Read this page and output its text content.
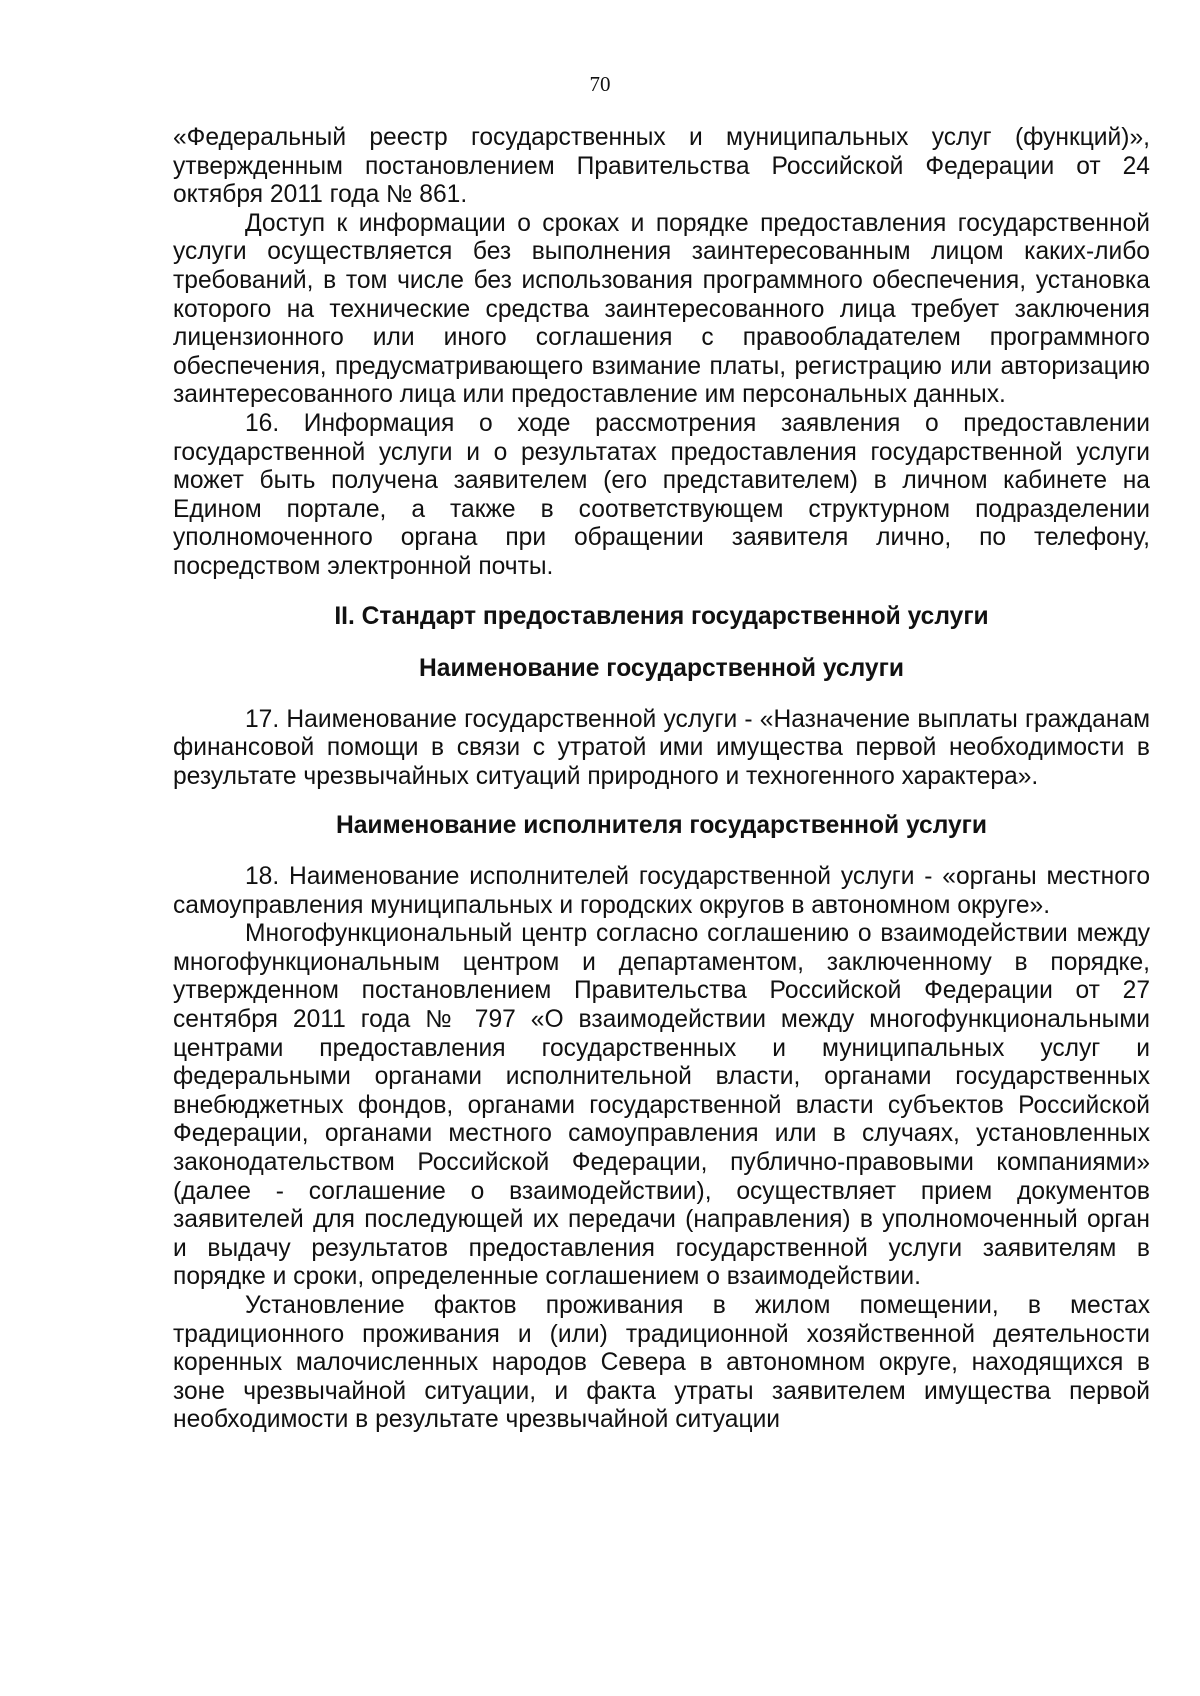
70

«Федеральный реестр государственных и муниципальных услуг (функций)», утвержденным постановлением Правительства Российской Федерации от 24 октября 2011 года № 861.

Доступ к информации о сроках и порядке предоставления государственной услуги осуществляется без выполнения заинтересованным лицом каких-либо требований, в том числе без использования программного обеспечения, установка которого на технические средства заинтересованного лица требует заключения лицензионного или иного соглашения с правообладателем программного обеспечения, предусматривающего взимание платы, регистрацию или авторизацию заинтересованного лица или предоставление им персональных данных.

16. Информация о ходе рассмотрения заявления о предоставлении государственной услуги и о результатах предоставления государственной услуги может быть получена заявителем (его представителем) в личном кабинете на Едином портале, а также в соответствующем структурном подразделении уполномоченного органа при обращении заявителя лично, по телефону, посредством электронной почты.

II. Стандарт предоставления государственной услуги

Наименование государственной услуги

17. Наименование государственной услуги - «Назначение выплаты гражданам финансовой помощи в связи с утратой ими имущества первой необходимости в результате чрезвычайных ситуаций природного и техногенного характера».

Наименование исполнителя государственной услуги

18. Наименование исполнителей государственной услуги - «органы местного самоуправления муниципальных и городских округов в автономном округе».

Многофункциональный центр согласно соглашению о взаимодействии между многофункциональным центром и департаментом, заключенному в порядке, утвержденном постановлением Правительства Российской Федерации от 27 сентября 2011 года № 797 «О взаимодействии между многофункциональными центрами предоставления государственных и муниципальных услуг и федеральными органами исполнительной власти, органами государственных внебюджетных фондов, органами государственной власти субъектов Российской Федерации, органами местного самоуправления или в случаях, установленных законодательством Российской Федерации, публично-правовыми компаниями» (далее - соглашение о взаимодействии), осуществляет прием документов заявителей для последующей их передачи (направления) в уполномоченный орган и выдачу результатов предоставления государственной услуги заявителям в порядке и сроки, определенные соглашением о взаимодействии.

Установление фактов проживания в жилом помещении, в местах традиционного проживания и (или) традиционной хозяйственной деятельности коренных малочисленных народов Севера в автономном округе, находящихся в зоне чрезвычайной ситуации, и факта утраты заявителем имущества первой необходимости в результате чрезвычайной ситуации
